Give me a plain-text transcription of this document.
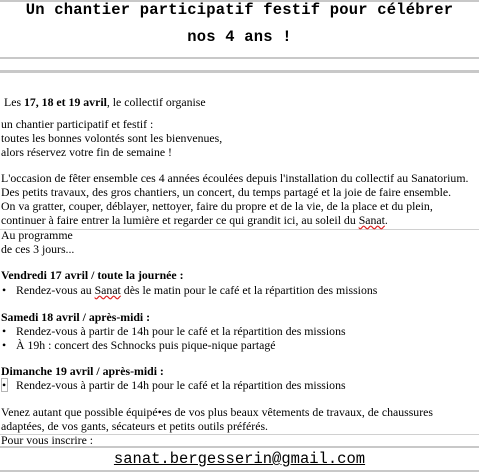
Un chantier participatif festif pour célébrer
nos 4 ans !
Les 17, 18 et 19 avril, le collectif organise
un chantier participatif et festif :
toutes les bonnes volontés sont les bienvenues,
alors réservez votre fin de semaine !
L'occasion de fêter ensemble ces 4 années écoulées depuis l'installation du collectif au Sanatorium.
Des petits travaux, des gros chantiers, un concert, du temps partagé et la joie de faire ensemble.
On va gratter, couper, déblayer, nettoyer, faire du propre et de la vie, de la place et du plein,
continuer à faire entrer la lumière et regarder ce qui grandit ici, au soleil du Sanat.
Au programme
de ces 3 jours...
Vendredi 17 avril / toute la journée :
• Rendez-vous au Sanat dès le matin pour le café et la répartition des missions
Samedi 18 avril / après-midi :
• Rendez-vous à partir de 14h pour le café et la répartition des missions
• À 19h : concert des Schnocks puis pique-nique partagé
Dimanche 19 avril / après-midi :
• Rendez-vous à partir de 14h pour le café et la répartition des missions
Venez autant que possible équipé•es de vos plus beaux vêtements de travaux, de chaussures
adaptées, de vos gants, sécateurs et petits outils préférés.
Pour vous inscrire :
sanat.bergesserin@gmail.com
